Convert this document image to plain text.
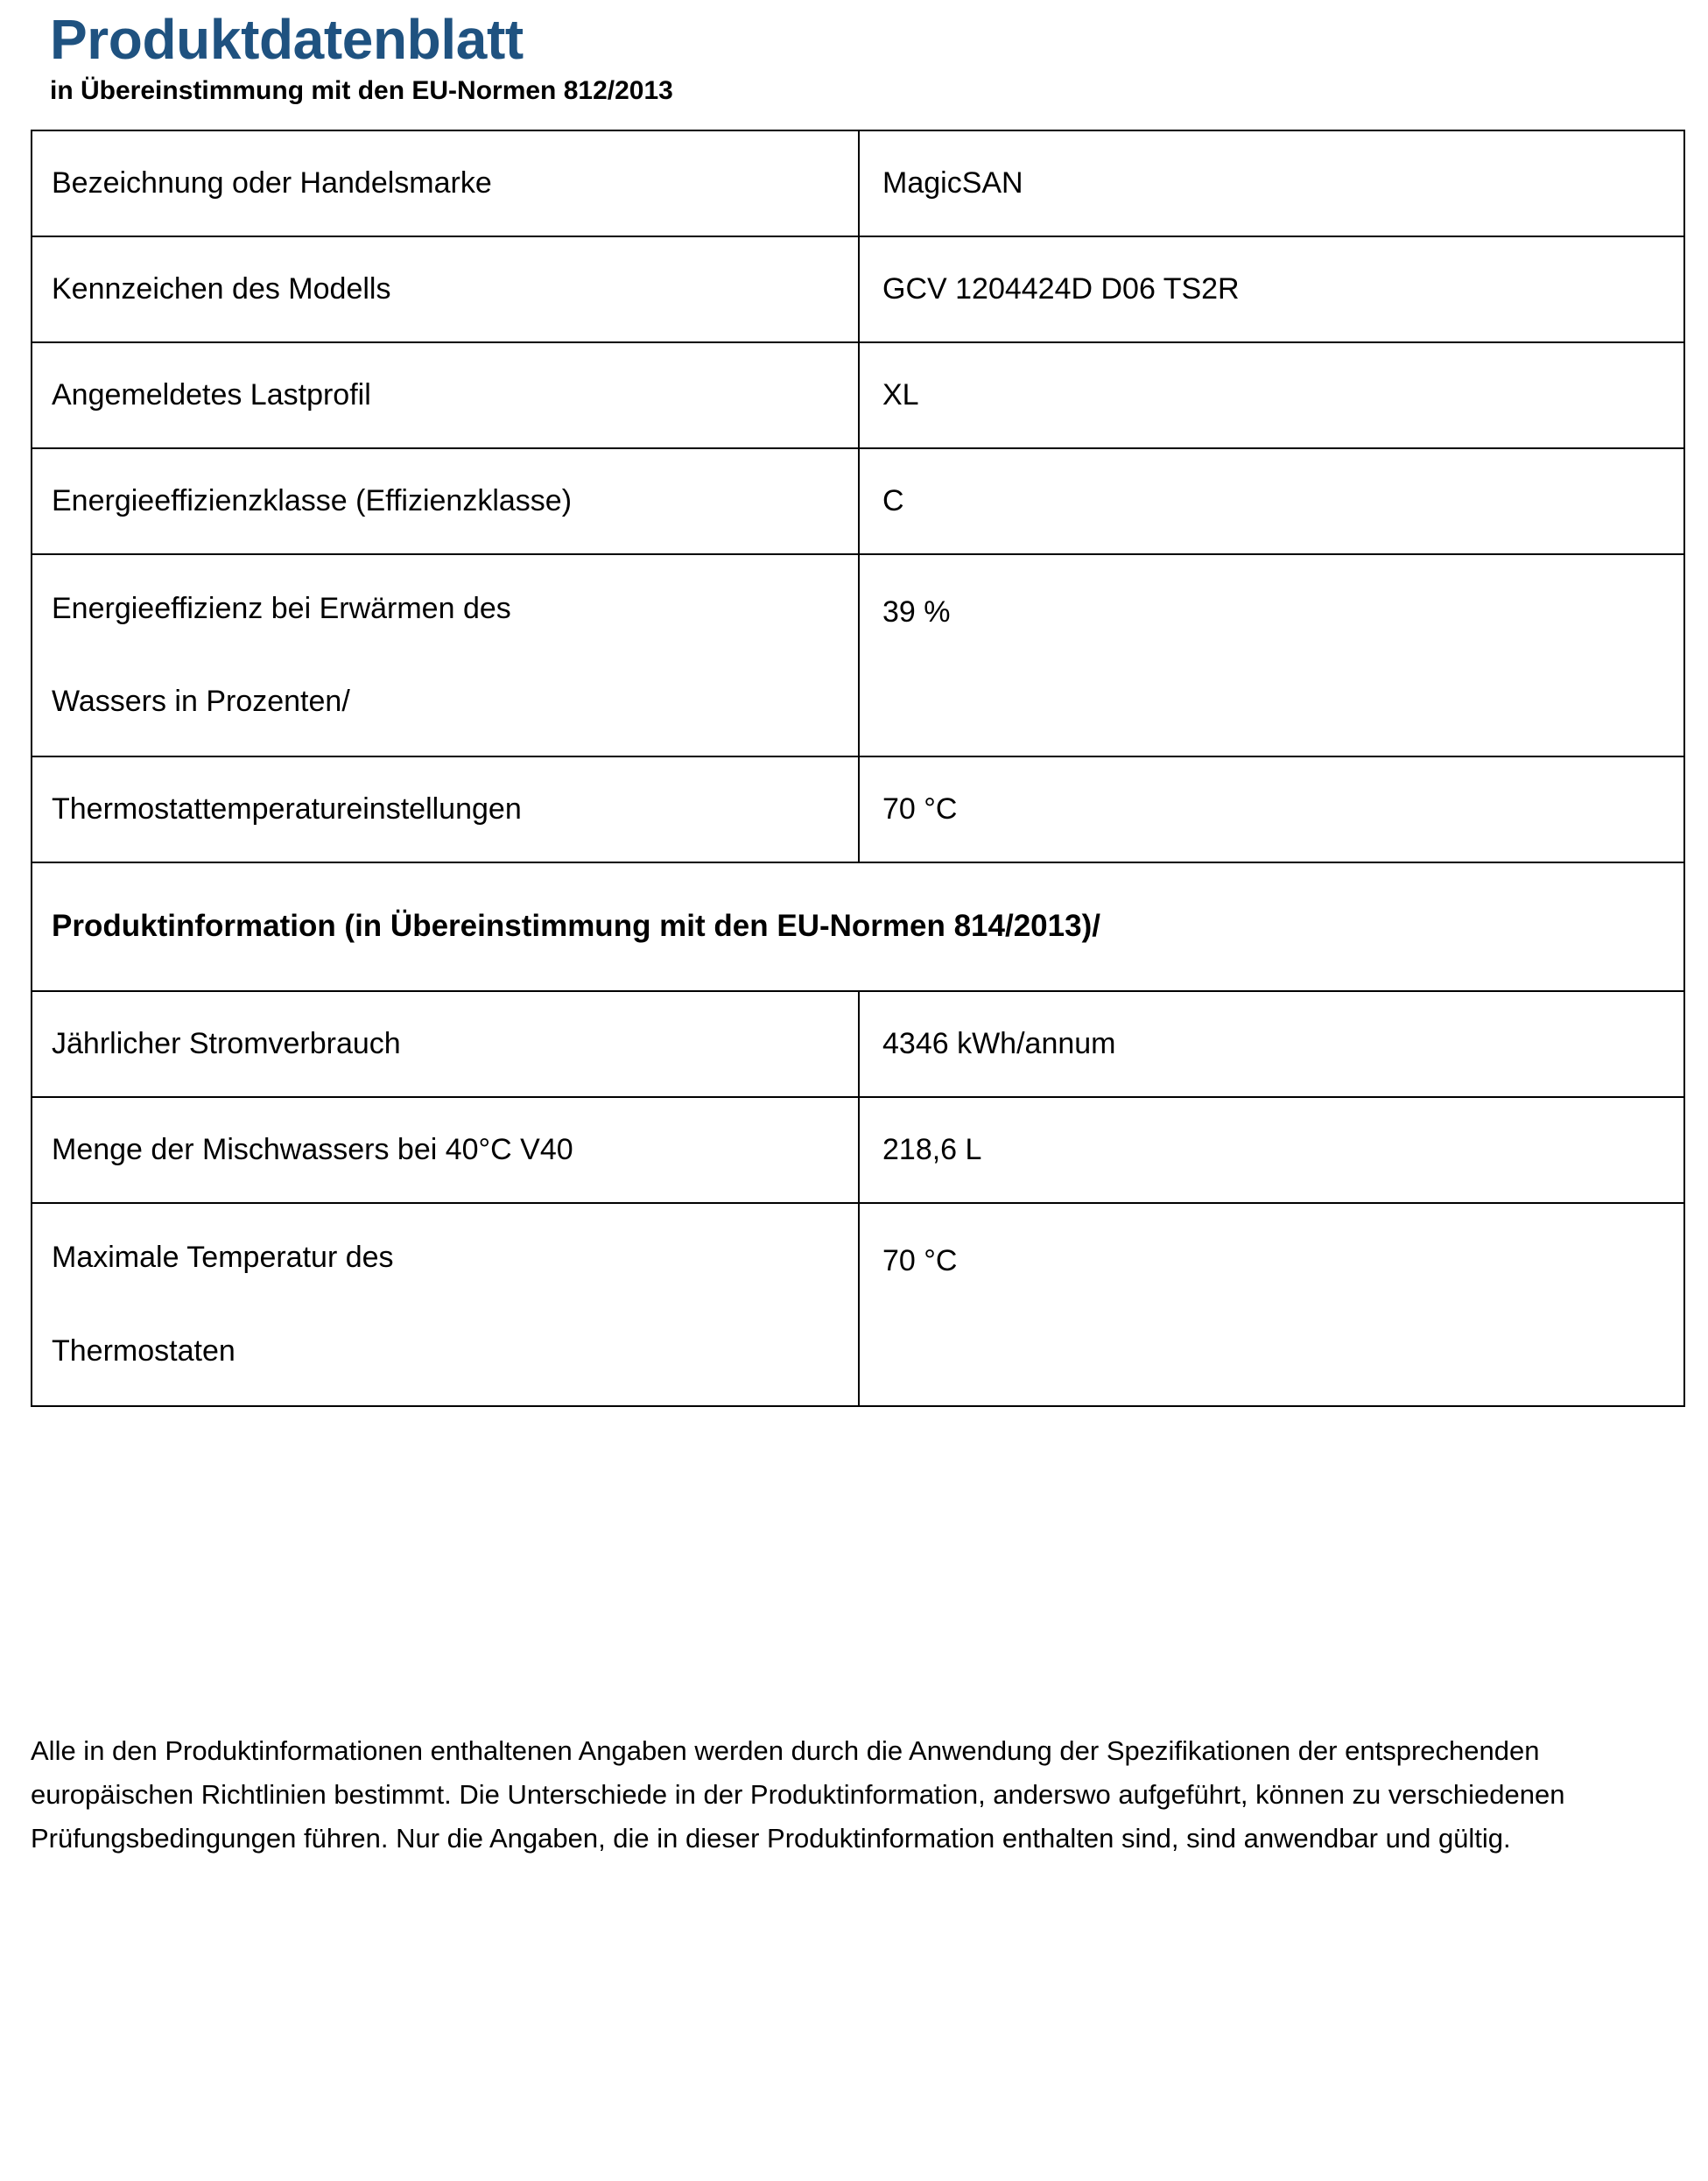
Produktdatenblatt
in Übereinstimmung mit den EU-Normen 812/2013
Bezeichnung oder Handelsmarke	MagicSAN
Kennzeichen des Modells	GCV 1204424D D06 TS2R
Angemeldetes Lastprofil	XL
Energieeffizienzklasse (Effizienzklasse)	C

Energieeffizienz bei Erwärmen des
Wassers in Prozenten/	39 %
Thermostattemperatureinstellungen	70 °C
Produktinformation (in Übereinstimmung mit den EU-Normen 814/2013)/	
Jährlicher Stromverbrauch	4346 kWh/annum
Menge der Mischwassers bei 40°C V40	218,6 L

Maximale Temperatur des
Thermostaten	70 °C

Alle in den Produktinformationen enthaltenen Angaben werden durch die Anwendung der Spezifikationen der entsprechenden europäischen Richtlinien bestimmt. Die Unterschiede in der Produktinformation, anderswo aufgeführt, können zu verschiedenen Prüfungsbedingungen führen. Nur die Angaben, die in dieser Produktinformation enthalten sind, sind anwendbar und gültig.
